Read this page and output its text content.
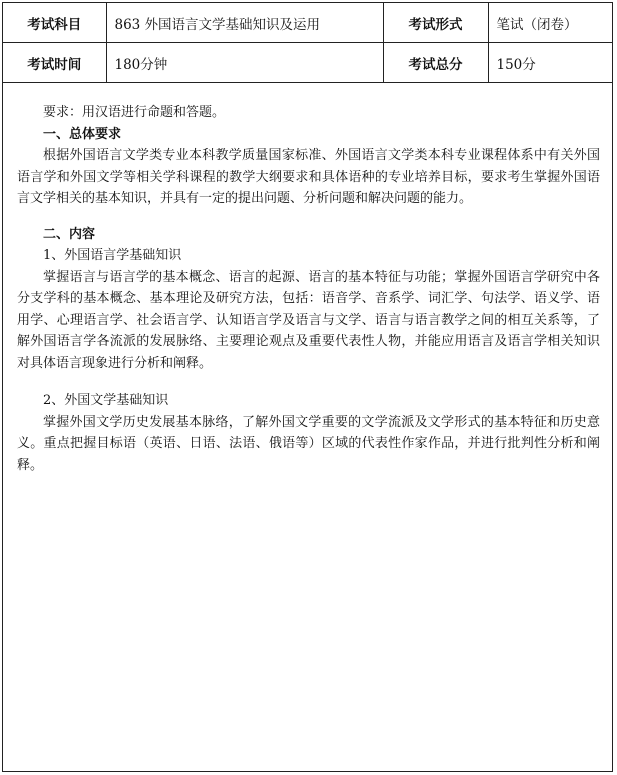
考试科目	863 外国语言文学基础知识及运用	考试形式	笔试（闭卷）
考试时间	180分钟	考试总分	150分

要求：用汉语进行命题和答题。

一、总体要求

根据外国语言文学类专业本科教学质量国家标准、外国语言文学类本科专业课程体系中有关外国语言学和外国文学等相关学科课程的教学大纲要求和具体语种的专业培养目标，要求考生掌握外国语言文学相关的基本知识，并具有一定的提出问题、分析问题和解决问题的能力。

二、内容

1、外国语言学基础知识

掌握语言与语言学的基本概念、语言的起源、语言的基本特征与功能；掌握外国语言学研究中各分支学科的基本概念、基本理论及研究方法，包括：语音学、音系学、词汇学、句法学、语义学、语用学、心理语言学、社会语言学、认知语言学及语言与文学、语言与语言教学之间的相互关系等，了解外国语言学各流派的发展脉络、主要理论观点及重要代表性人物，并能应用语言及语言学相关知识对具体语言现象进行分析和阐释。

2、外国文学基础知识

掌握外国文学历史发展基本脉络，了解外国文学重要的文学流派及文学形式的基本特征和历史意义。重点把握目标语（英语、日语、法语、俄语等）区域的代表性作家作品，并进行批判性分析和阐释。
